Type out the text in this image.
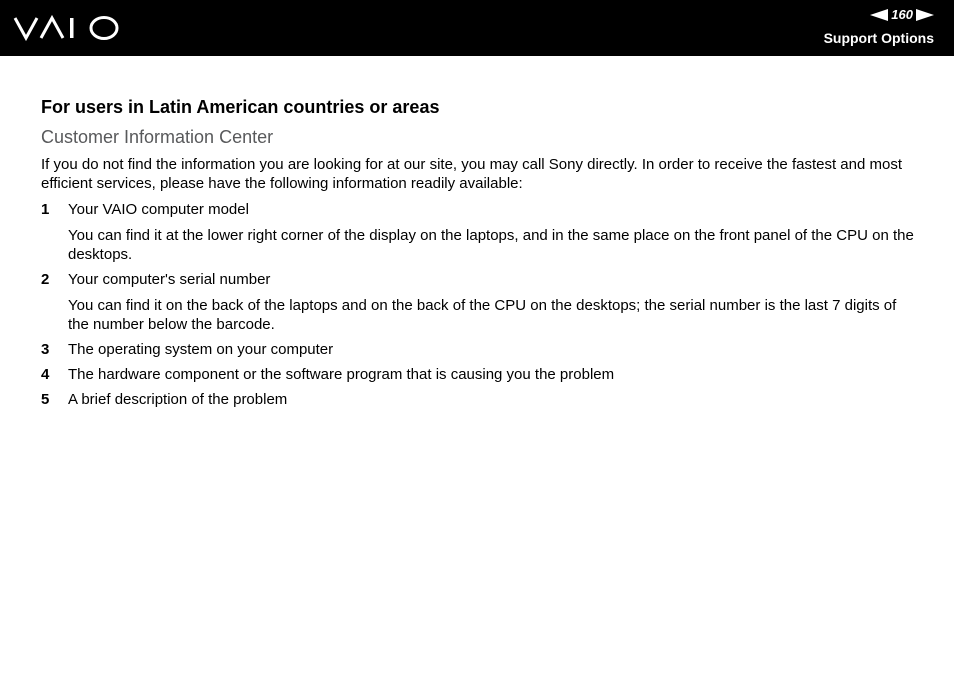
160
Support Options
For users in Latin American countries or areas
Customer Information Center

If you do not find the information you are looking for at our site, you may call Sony directly. In order to receive the fastest and most efficient services, please have the following information readily available:

1	Your VAIO computer model
You can find it at the lower right corner of the display on the laptops, and in the same place on the front panel of the CPU on the desktops.
2	Your computer's serial number
You can find it on the back of the laptops and on the back of the CPU on the desktops; the serial number is the last 7 digits of the number below the barcode.
3	The operating system on your computer
4	The hardware component or the software program that is causing you the problem
5	A brief description of the problem
